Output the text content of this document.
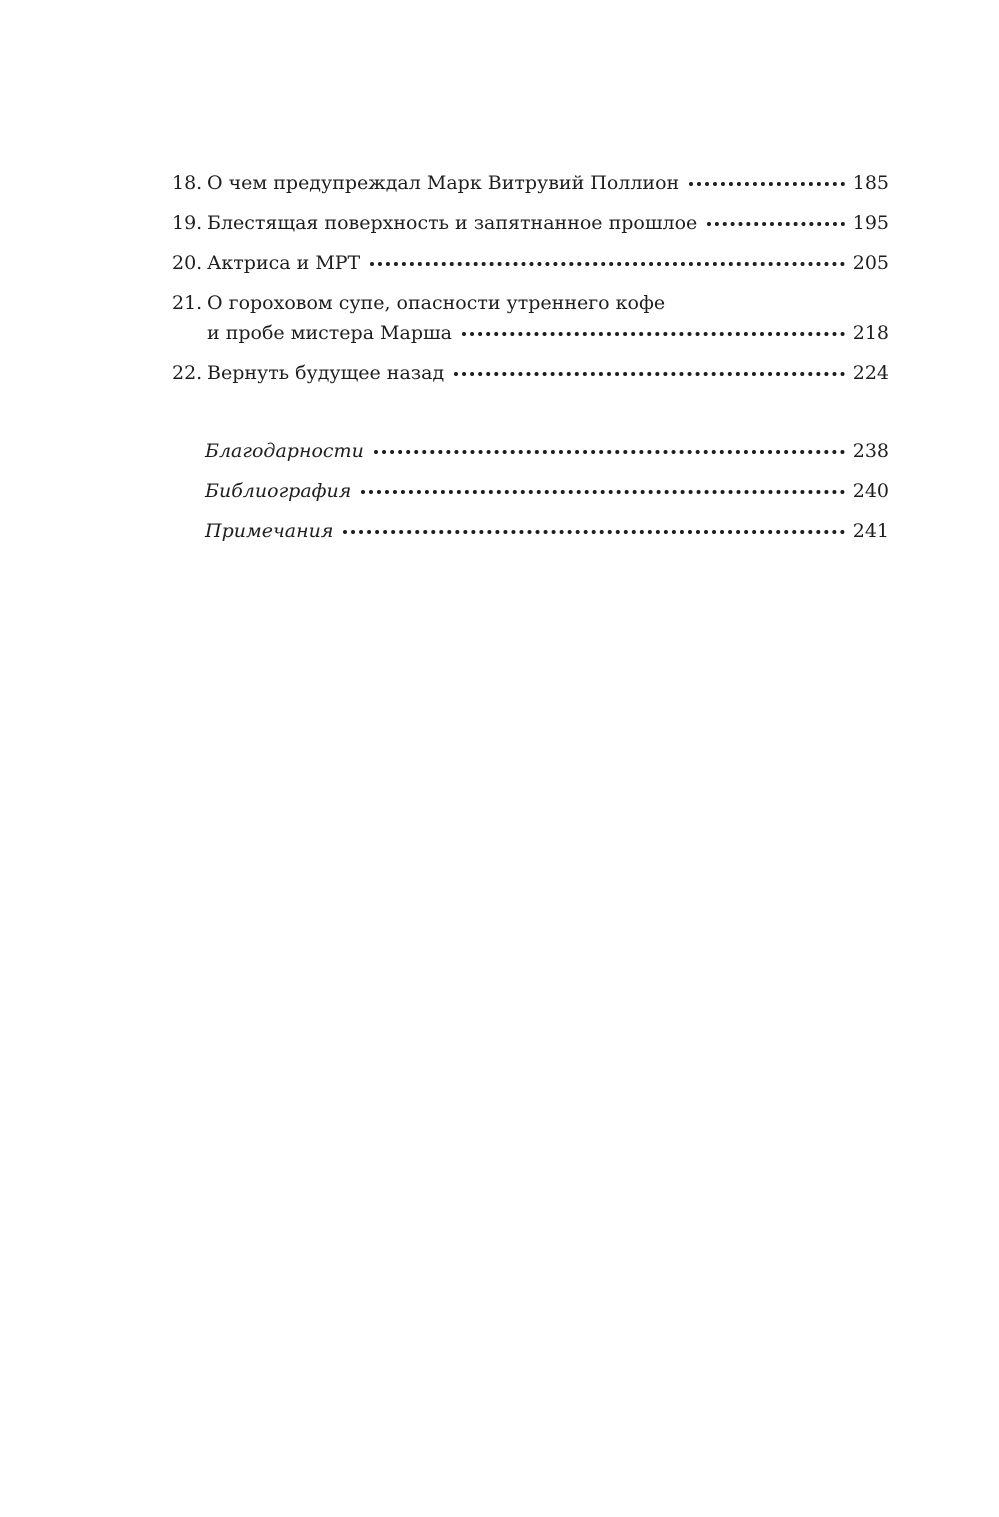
18. О чем предупреждал Марк Витрувий Поллион	185
19. Блестящая поверхность и запятнанное прошлое	195
20. Актриса и МРТ	205
21. О гороховом супе, опасности утреннего кофе
и пробе мистера Марша	218
22. Вернуть будущее назад	224
Благодарности	238
Библиография	240
Примечания	241
